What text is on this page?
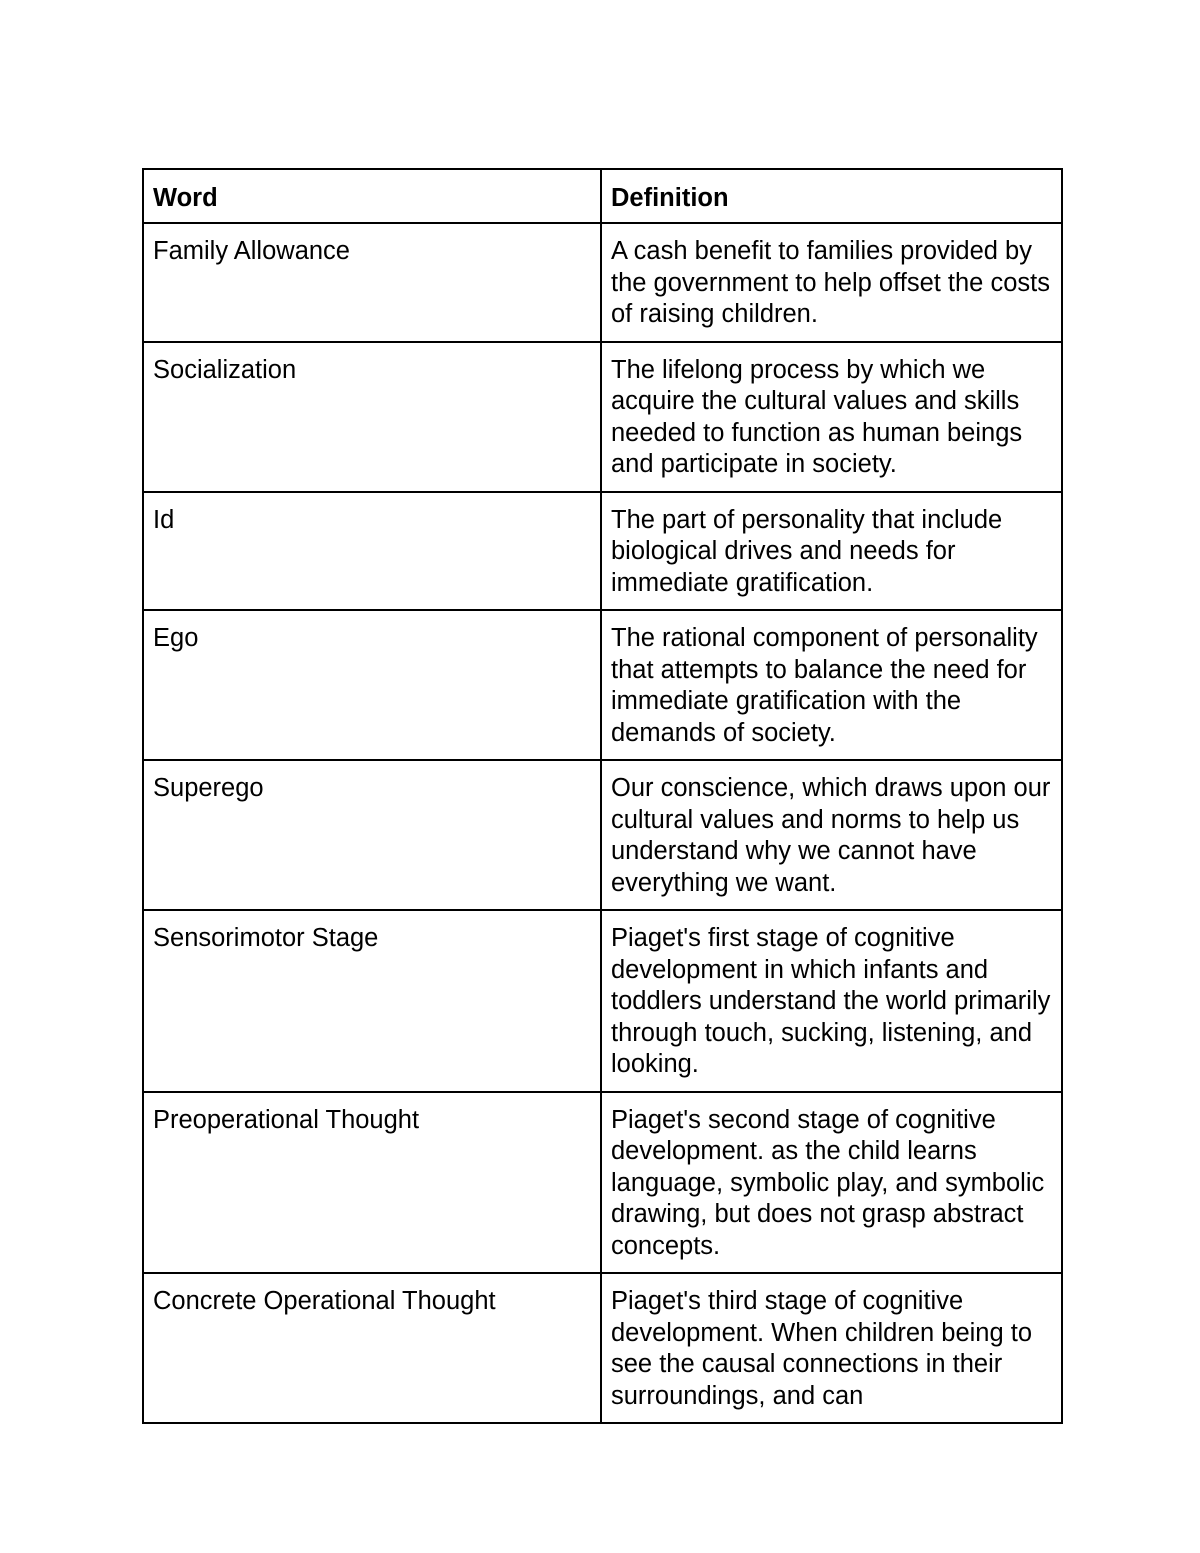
Word	Definition
Family Allowance	A cash benefit to families provided by the government to help offset the costs of raising children.
Socialization	The lifelong process by which we acquire the cultural values and skills needed to function as human beings and participate in society.
Id	The part of personality that include biological drives and needs for immediate gratification.
Ego	The rational component of personality that attempts to balance the need for immediate gratification with the demands of society.
Superego	Our conscience, which draws upon our cultural values and norms to help us understand why we cannot have everything we want.
Sensorimotor Stage	Piaget's first stage of cognitive development in which infants and toddlers understand the world primarily through touch, sucking, listening, and looking.
Preoperational Thought	Piaget's second stage of cognitive development. as the child learns language, symbolic play, and symbolic drawing, but does not grasp abstract concepts.
Concrete Operational Thought	Piaget's third stage of cognitive development. When children being to see the causal connections in their surroundings, and can
